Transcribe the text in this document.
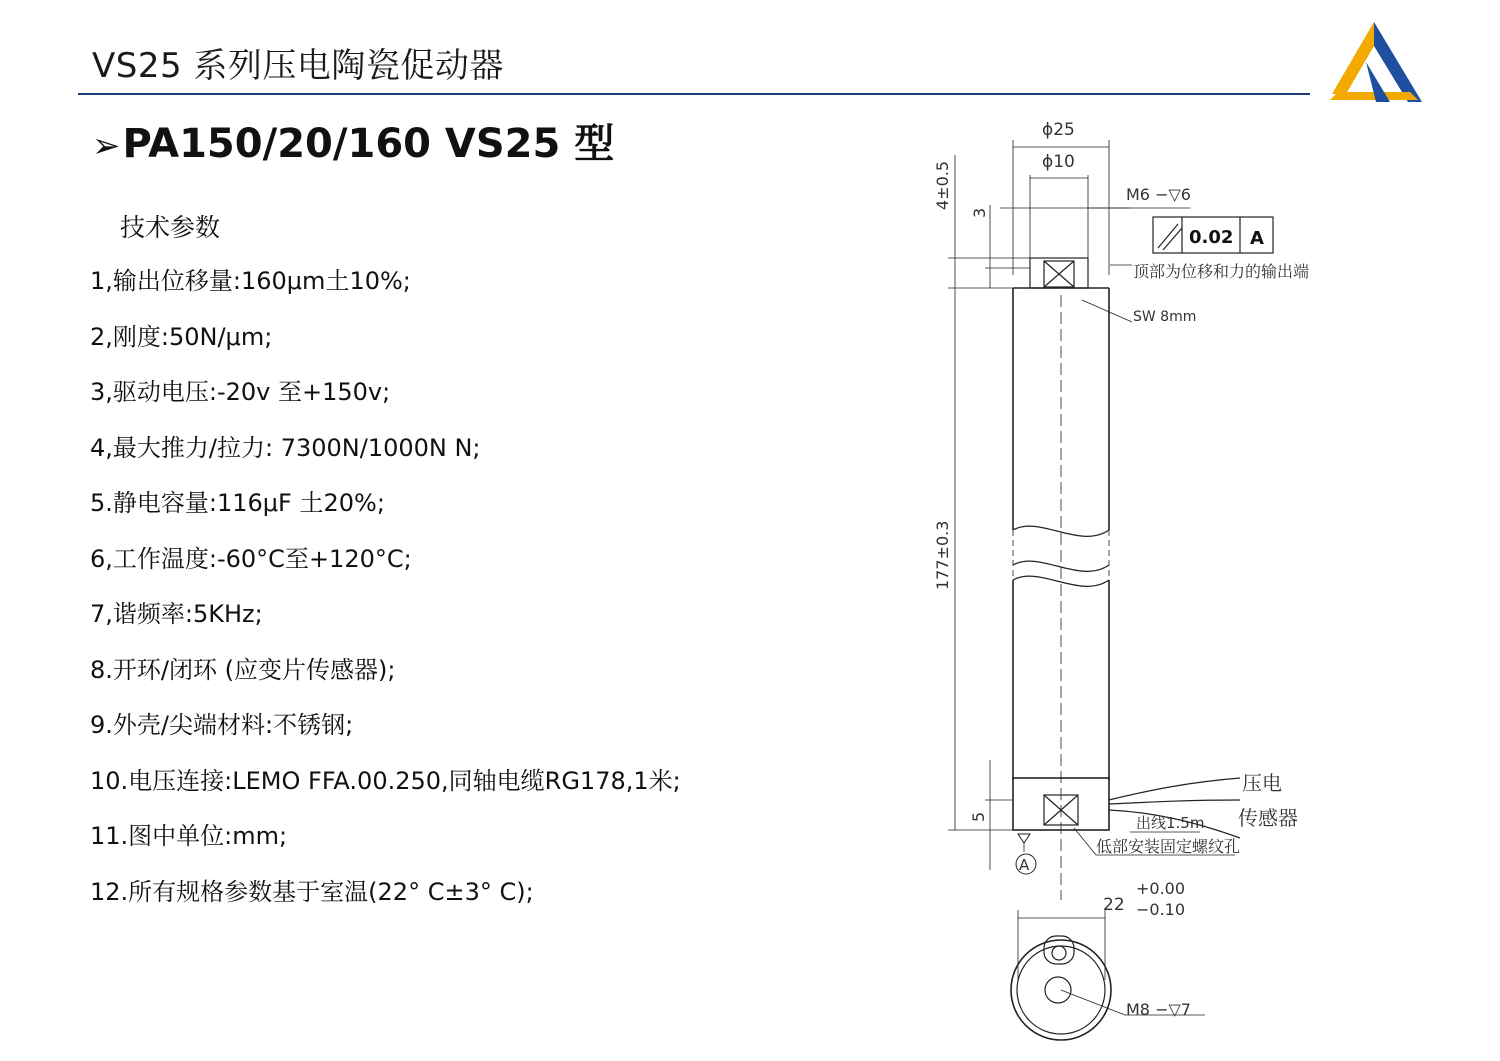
VS25 系列压电陶瓷促动器
➢PA150/20/160 VS25 型
技术参数
1,输出位移量:160μm土10%;
2,刚度:50N/μm;
3,驱动电压:-20v 至+150v;
4,最大推力/拉力: 7300N/1000N N;
5.静电容量:116μF 土20%;
6,工作温度:-60°C至+120°C;
7,谐频率:5KHz;
8.开环/闭环 (应变片传感器);
9.外壳/尖端材料:不锈钢;
10.电压连接:LEMO FFA.00.250,同轴电缆RG178,1米;
11.图中单位:mm;
12.所有规格参数基于室温(22° C±3° C);
ϕ25
ϕ10
M6 −▽6
4±0.5
3
0.02 A
顶部为位移和力的输出端
SW 8mm
177±0.3
5
压电
传感器
出线1.5m
A
低部安装固定螺纹孔
22
+0.00
−0.10
M8 −▽7
